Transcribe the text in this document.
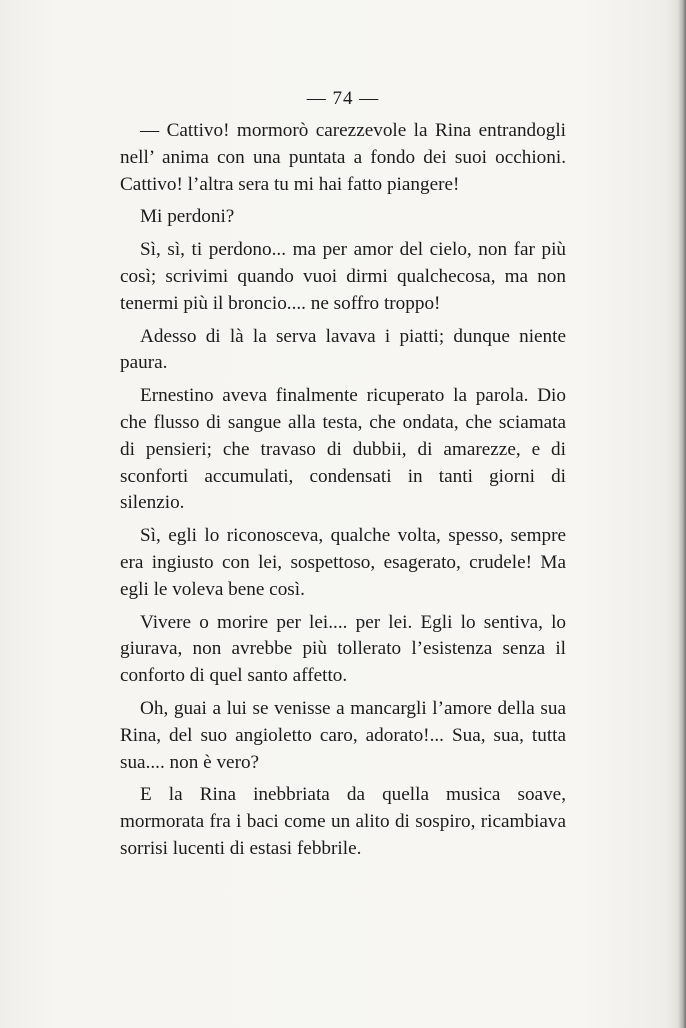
— 74 —

— Cattivo! mormorò carezzevole la Rina entrandogli nell’ anima con una puntata a fondo dei suoi occhioni. Cattivo! l’altra sera tu mi hai fatto piangere!

Mi perdoni?

Sì, sì, ti perdono... ma per amor del cielo, non far più così; scrivimi quando vuoi dirmi qualchecosa, ma non tenermi più il broncio.... ne soffro troppo!

Adesso di là la serva lavava i piatti; dunque niente paura.

Ernestino aveva finalmente ricuperato la parola. Dio che flusso di sangue alla testa, che ondata, che sciamata di pensieri; che travaso di dubbii, di amarezze, e di sconforti accumulati, condensati in tanti giorni di silenzio.

Sì, egli lo riconosceva, qualche volta, spesso, sempre era ingiusto con lei, sospettoso, esagerato, crudele! Ma egli le voleva bene così.

Vivere o morire per lei.... per lei. Egli lo sentiva, lo giurava, non avrebbe più tollerato l’esistenza senza il conforto di quel santo affetto.

Oh, guai a lui se venisse a mancargli l’amore della sua Rina, del suo angioletto caro, adorato!... Sua, sua, tutta sua.... non è vero?

E la Rina inebbriata da quella musica soave, mormorata fra i baci come un alito di sospiro, ricambiava sorrisi lucenti di estasi febbrile.
